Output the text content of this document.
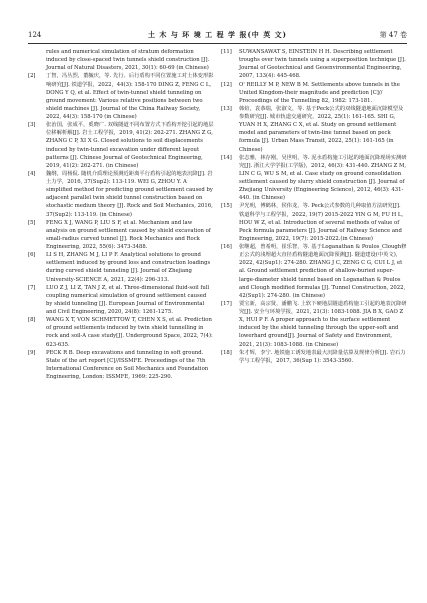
124	土 木 与 环 境 工 程 学 报(中 英 文)	第 47 卷
rules and numerical simulation of stratum deformation induced by close-spaced twin tunnels shield construction [J]. Journal of Natural Disasters, 2021, 30(1): 60-69 (in Chinese)
[2] 丁智，冯丛烈，董毓庆，等. 先行、后行盾构不同位置施工对土体变形影响研究[J]. 铁道学报，2022，44(3): 158-170 DING Z, FENG C L, DONG Y Q, et al. Effect of twin-tunnel shield tunneling on ground movement: Various relative positions between two shield machines [J]. Journal of the China Railway Society, 2022, 44(3): 158-170 (in Chinese)
[3] 张治国，张成平，奚晓广. 双线隧道不同布置方式下盾构开挖引起的地层位移解析解[J]. 岩土工程学报，2019, 41(2): 262-271. ZHANG Z G, ZHANG C P, XI X G. Closed solutions to soil displacements induced by twin-tunnel excavation under different layout patterns [J]. Chinese Journal of Geotechnical Engineering, 2019, 41(2): 262-271. (in Chinese)
[4] 魏纲，周杨侃. 随机介质理论预测近距离平行盾构引起的地表沉降[J]. 岩土力学，2016, 37(Sup2): 113-119. WEI G, ZHOU Y. A simplified method for predicting ground settlement caused by adjacent parallel twin shield tunnel construction based on stochastic medium theory [J]. Rock and Soil Mechanics, 2016, 37(Sup2): 113-119. (in Chinese)
[5] FENG X J, WANG P, LIU S F, et al. Mechanism and law analysis on ground settlement caused by shield excavation of small-radius curved tunnel [J]. Rock Mechanics and Rock Engineering, 2022, 55(6): 3473-3488.
[6] LI S H, ZHANG M J, LI P F. Analytical solutions to ground settlement induced by ground loss and construction loadings during curved shield tunneling [J]. Journal of Zhejiang University-SCIENCE A, 2021, 22(4): 296-313.
[7] LUO Z J, LI Z, TAN J Z, et al. Three-dimensional fluid-soil full coupling numerical simulation of ground settlement caused by shield tunneling [J]. European Journal of Environmental and Civil Engineering, 2020, 24(8): 1261-1275.
[8] WANG X T, VON SCHMETTOW T, CHEN X S, et al. Prediction of ground settlements induced by twin shield tunnelling in rock and soil-A case study[J]. Underground Space, 2022, 7(4): 623-635.
[9] PECK R B. Deep excavations and tunneling in soft ground. State of the art report [C]//ISSMFE. Proceedings of the 7th International Conference on Soil Mechanics and Foundation Engineering, London: ISSMFE, 1969: 225-290.
[11] SUWANSAWAT S, EINSTEIN H H. Describing settlement troughs over twin tunnels using a superposition technique [J]. Journal of Geotechnical and Geoenvironmental Engineering, 2007, 133(4): 445-468.
[12] O' REILLY M P, NEW B M. Settlements above tunnels in the United Kingdom-their magnitude and prediction [C]// Proceedings of the Tunnelling 82, 1982: 173-181.
[13] 韩煊，袁恭瑞，张淑文，等. 基于Peck公式的双线隧道地面沉降模型及参数研究[J]. 城市轨道交通研究，2022, 25(1): 161-165. SHI G, YUAN H X, ZHANG C X, et al. Study on ground settlement model and parameters of twin-line tunnel based on peck formula [J]. Urban Mass Transit, 2022, 25(1): 161-165 (in Chinese)
[14] 张志雅，林存刚，吴世明，等. 泥水盾构施工引起的地面沉降现场实测研究[J]. 浙江大学学报(工学版)，2012, 46(3): 431-440. ZHANG Z M, LIN C G, WU S M, et al. Case study on ground consolidation settlement caused by slurry shield construction [J]. Journal of Zhejiang University (Engineering Science), 2012, 46(3): 431-440. (in Chinese)
[15] 尹光明，傅鹤林，侯伟龙，等. Peck公式参数的几种取值方法研究[J]. 铁道科学与工程学报，2022, 19(7) 2015-2022 YIN G M, FU H L, HOU W Z, et al. Introduction of several methods of value of Peck formula parameters [J]. Journal of Railway Science and Engineering, 2022, 19(7): 2015-2022.(in Chinese)
[16] 张继超，曾希明，崔乐智，等. 基于Loganathan & Poulos_Clough修正公式的浅埋超大直径盾构隧道地面沉降预测[J]. 隧道建设(中英文)，2022, 42(Sup1): 274-280. ZHANG J C, ZENG C G, CUI L J, et al. Ground settlement prediction of shallow-buried super-large-diameter shield tunnel based on Loganathan & Poulos and Clough modified formulas [J]. Tunnel Construction, 2022, 42(Sup1): 274-280. (in Chinese)
[17] 贾宝新，高宗贤，潘鹏飞. 上软下硬地层隧道盾构施工引起的地表沉降研究[J]. 安全与环境学报，2021, 21(3): 1083-1088. JIA B X, GAO Z X, HUI P F. A proper approach to the surface settlement induced by the shield tunneling through the upper-soft and lowerhard ground[J]. Journal of Safety and Environment, 2021, 21(3): 1083-1088. (in Chinese)
[18] 朱才辉，李宁. 地铁施工诱发地表最大沉降量估算及规律分析[J]. 岩石力学与工程学报，2017, 36(Sup 1): 3543-3560.
